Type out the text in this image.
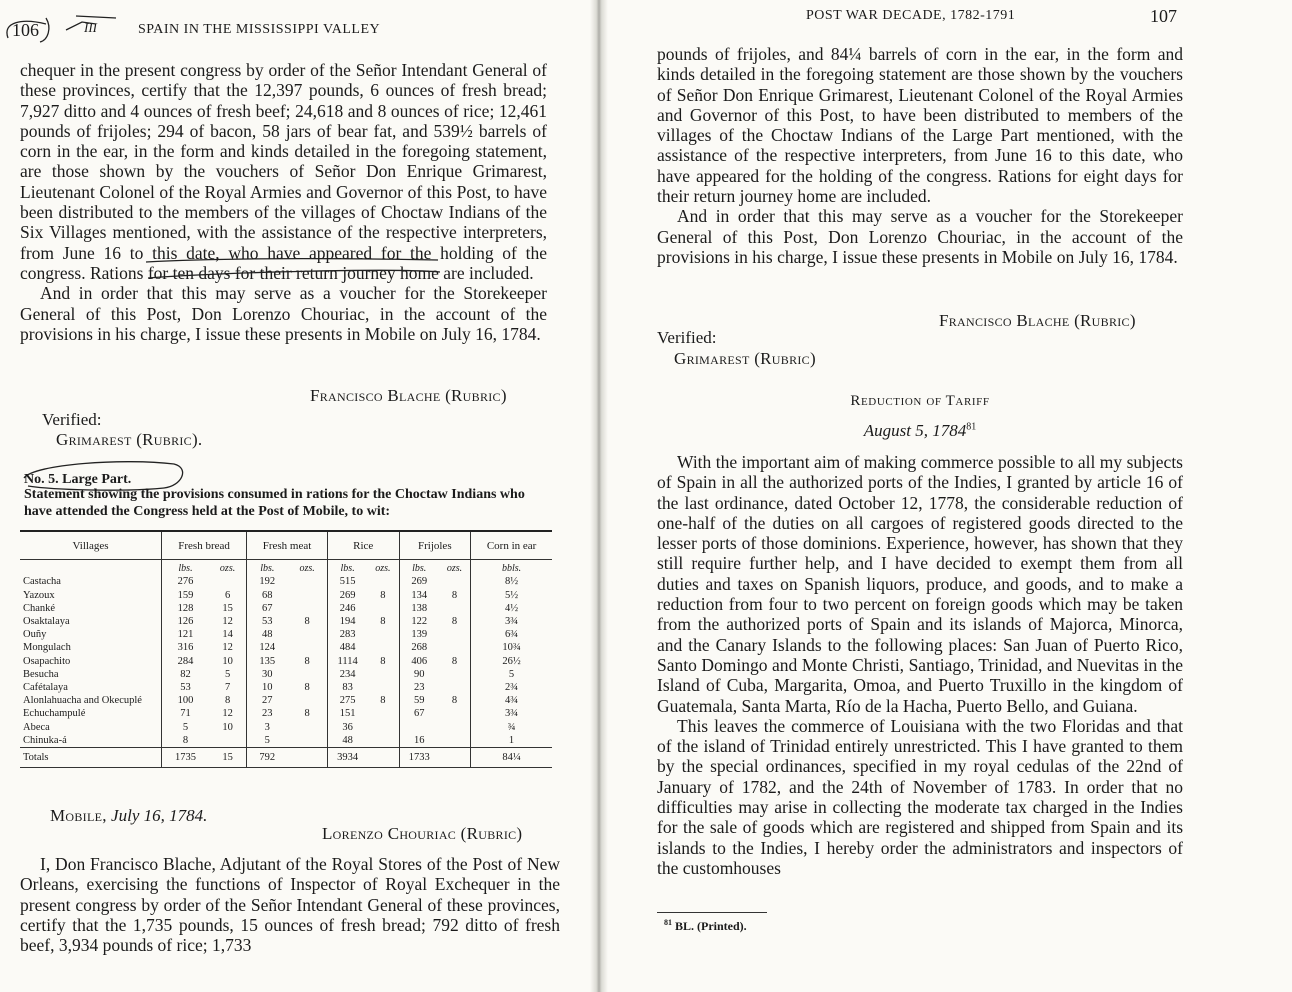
106	III	SPAIN IN THE MISSISSIPPI VALLEY

chequer in the present congress by order of the Señor Intendant General of these provinces, certify that the 12,397 pounds, 6 ounces of fresh bread; 7,927 ditto and 4 ounces of fresh beef; 24,618 and 8 ounces of rice; 12,461 pounds of frijoles; 294 of bacon, 58 jars of bear fat, and 539½ barrels of corn in the ear, in the form and kinds detailed in the foregoing statement, are those shown by the vouchers of Señor Don Enrique Grimarest, Lieutenant Colonel of the Royal Armies and Governor of this Post, to have been distributed to the members of the villages of Choctaw Indians of the Six Villages mentioned, with the assistance of the respective interpreters, from June 16 to this date, who have appeared for the holding of the congress. Rations for ten days for their return journey home are included.

And in order that this may serve as a voucher for the Storekeeper General of this Post, Don Lorenzo Chouriac, in the account of the provisions in his charge, I issue these presents in Mobile on July 16, 1784.

Francisco Blache (Rubric)
Verified:
Grimarest (Rubric).
No. 5. Large Part.
Statement showing the provisions consumed in rations for the Choctaw Indians who have attended the Congress held at the Post of Mobile, to wit:
Villages	Fresh bread		Fresh meat		Rice		Frijoles		Corn in ear
	lbs.	ozs.	lbs.	ozs.	lbs.	ozs.	lbs.	ozs.	bbls.
Castacha	276		192		515		269		8½
Yazoux	159	6	68		269	8	134	8	5½
Chanké	128	15	67		246		138		4½
Osaktalaya	126	12	53	8	194	8	122	8	3¾
Ouñy	121	14	48		283		139		6¾
Mongulach	316	12	124		484		268		10¾
Osapachito	284	10	135	8	1114	8	406	8	26½
Besucha	82	5	30		234		90		5
Cafétalaya	53	7	10	8	83		23		2¾
Alonlahuacha and Okecuplé	100	8	27		275	8	59	8	4¾
Echuchampulé	71	12	23	8	151		67		3¾
Abeca	5	10	3		36				¾
Chinuka-á	8		5		48		16		1
Totals	1735	15	792		3934		1733		84¼
Mobile, July 16, 1784.
Lorenzo Chouriac (Rubric)

I, Don Francisco Blache, Adjutant of the Royal Stores of the Post of New Orleans, exercising the functions of Inspector of Royal Exchequer in the present congress by order of the Señor Intendant General of these provinces, certify that the 1,735 pounds, 15 ounces of fresh bread; 792 ditto of fresh beef, 3,934 pounds of rice; 1,733

POST WAR DECADE, 1782-1791	107

pounds of frijoles, and 84¼ barrels of corn in the ear, in the form and kinds detailed in the foregoing statement are those shown by the vouchers of Señor Don Enrique Grimarest, Lieutenant Colonel of the Royal Armies and Governor of this Post, to have been distributed to members of the villages of the Choctaw Indians of the Large Part mentioned, with the assistance of the respective interpreters, from June 16 to this date, who have appeared for the holding of the congress. Rations for eight days for their return journey home are included.

And in order that this may serve as a voucher for the Storekeeper General of this Post, Don Lorenzo Chouriac, in the account of the provisions in his charge, I issue these presents in Mobile on July 16, 1784.

Francisco Blache (Rubric)
Verified:
Grimarest (Rubric)
Reduction of Tariff
August 5, 1784$^{81}$

With the important aim of making commerce possible to all my subjects of Spain in all the authorized ports of the Indies, I granted by article 16 of the last ordinance, dated October 12, 1778, the considerable reduction of one-half of the duties on all cargoes of registered goods directed to the lesser ports of those dominions. Experience, however, has shown that they still require further help, and I have decided to exempt them from all duties and taxes on Spanish liquors, produce, and goods, and to make a reduction from four to two percent on foreign goods which may be taken from the authorized ports of Spain and its islands of Majorca, Minorca, and the Canary Islands to the following places: San Juan of Puerto Rico, Santo Domingo and Monte Christi, Santiago, Trinidad, and Nuevitas in the Island of Cuba, Margarita, Omoa, and Puerto Truxillo in the kingdom of Guatemala, Santa Marta, Río de la Hacha, Puerto Bello, and Guiana.

This leaves the commerce of Louisiana with the two Floridas and that of the island of Trinidad entirely unrestricted. This I have granted to them by the special ordinances, specified in my royal cedulas of the 22nd of January of 1782, and the 24th of November of 1783. In order that no difficulties may arise in collecting the moderate tax charged in the Indies for the sale of goods which are registered and shipped from Spain and its islands to the Indies, I hereby order the administrators and inspectors of the customhouses

$^{81}$ BL. (Printed).
